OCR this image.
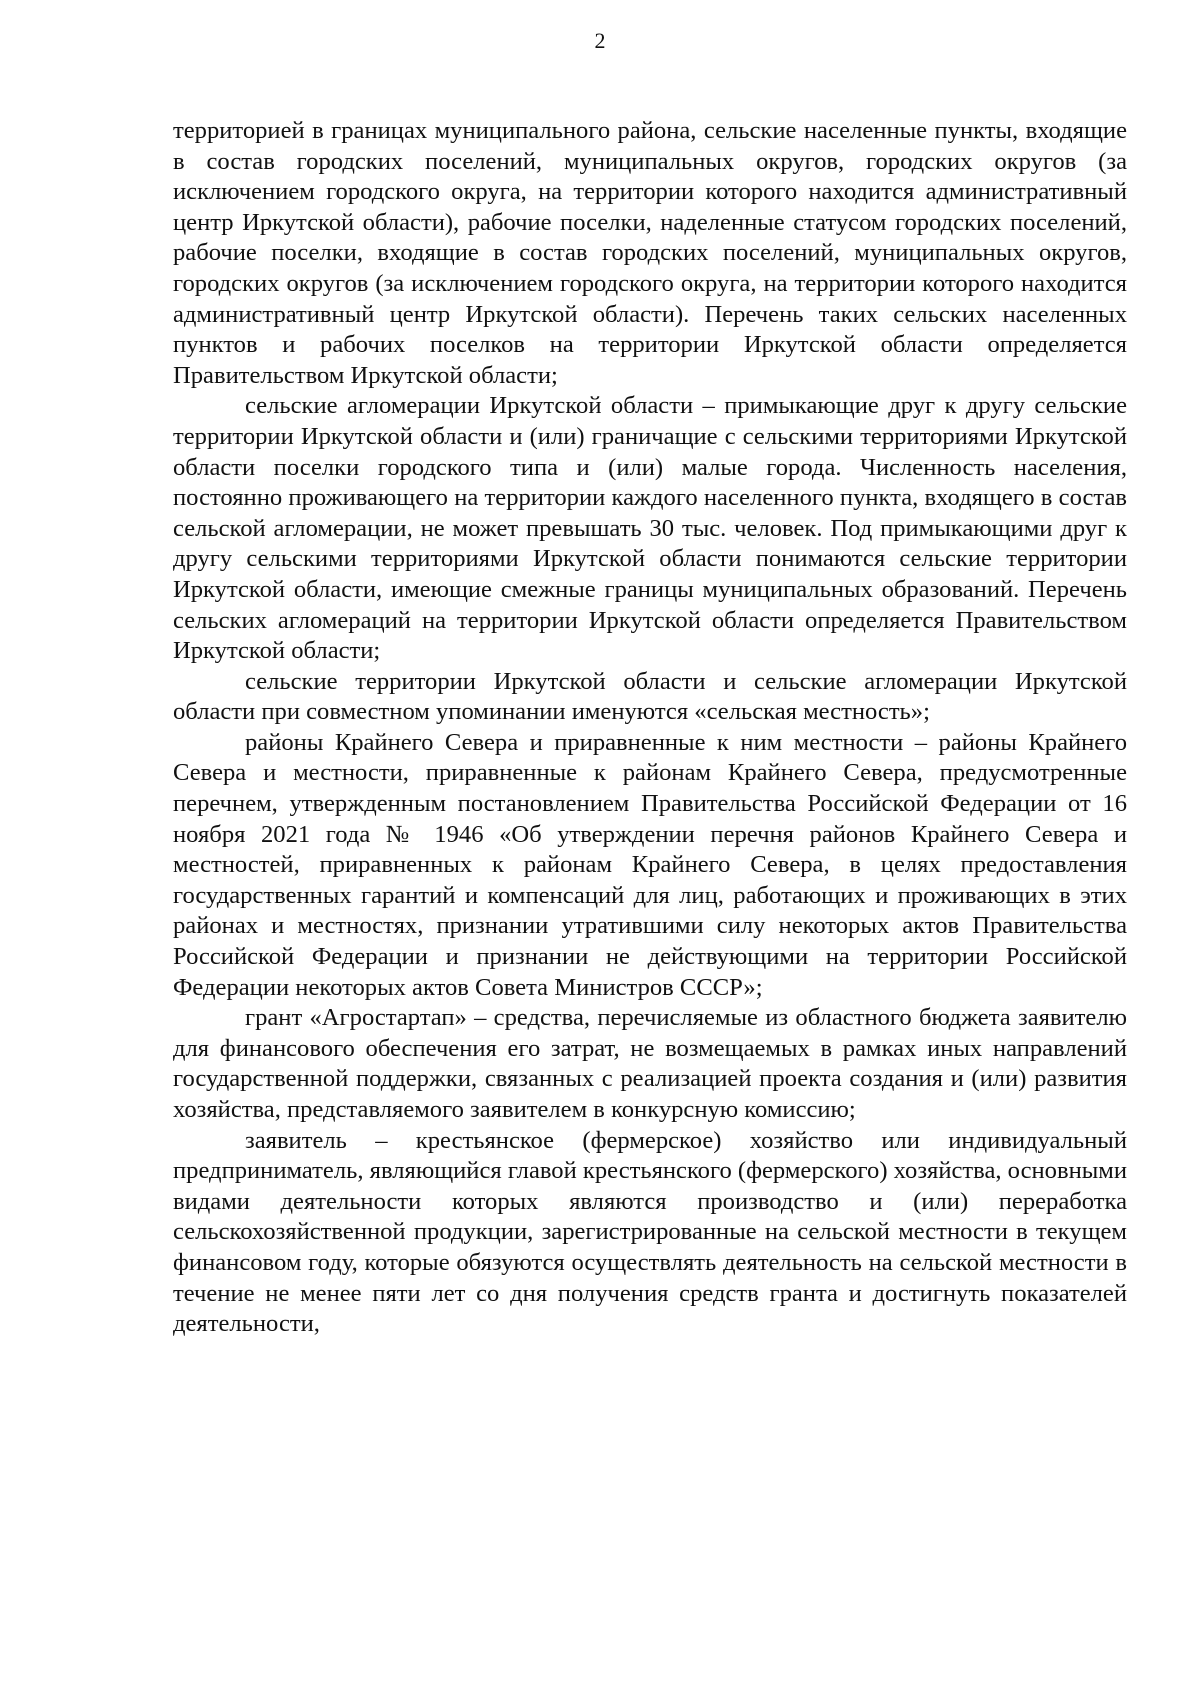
2

территорией в границах муниципального района, сельские населенные пункты, входящие в состав городских поселений, муниципальных округов, городских округов (за исключением городского округа, на территории которого находится административный центр Иркутской области), рабочие поселки, наделенные статусом городских поселений, рабочие поселки, входящие в состав городских поселений, муниципальных округов, городских округов (за исключением городского округа, на территории которого находится административный центр Иркутской области). Перечень таких сельских населенных пунктов и рабочих поселков на территории Иркутской области определяется Правительством Иркутской области;

сельские агломерации Иркутской области – примыкающие друг к другу сельские территории Иркутской области и (или) граничащие с сельскими территориями Иркутской области поселки городского типа и (или) малые города. Численность населения, постоянно проживающего на территории каждого населенного пункта, входящего в состав сельской агломерации, не может превышать 30 тыс. человек. Под примыкающими друг к другу сельскими территориями Иркутской области понимаются сельские территории Иркутской области, имеющие смежные границы муниципальных образований. Перечень сельских агломераций на территории Иркутской области определяется Правительством Иркутской области;

сельские территории Иркутской области и сельские агломерации Иркутской области при совместном упоминании именуются «сельская местность»;

районы Крайнего Севера и приравненные к ним местности – районы Крайнего Севера и местности, приравненные к районам Крайнего Севера, предусмотренные перечнем, утвержденным постановлением Правительства Российской Федерации от 16 ноября 2021 года № 1946 «Об утверждении перечня районов Крайнего Севера и местностей, приравненных к районам Крайнего Севера, в целях предоставления государственных гарантий и компенсаций для лиц, работающих и проживающих в этих районах и местностях, признании утратившими силу некоторых актов Правительства Российской Федерации и признании не действующими на территории Российской Федерации некоторых актов Совета Министров СССР»;

грант «Агростартап» – средства, перечисляемые из областного бюджета заявителю для финансового обеспечения его затрат, не возмещаемых в рамках иных направлений государственной поддержки, связанных с реализацией проекта создания и (или) развития хозяйства, представляемого заявителем в конкурсную комиссию;

заявитель – крестьянское (фермерское) хозяйство или индивидуальный предприниматель, являющийся главой крестьянского (фермерского) хозяйства, основными видами деятельности которых являются производство и (или) переработка сельскохозяйственной продукции, зарегистрированные на сельской местности в текущем финансовом году, которые обязуются осуществлять деятельность на сельской местности в течение не менее пяти лет со дня получения средств гранта и достигнуть показателей деятельности,
